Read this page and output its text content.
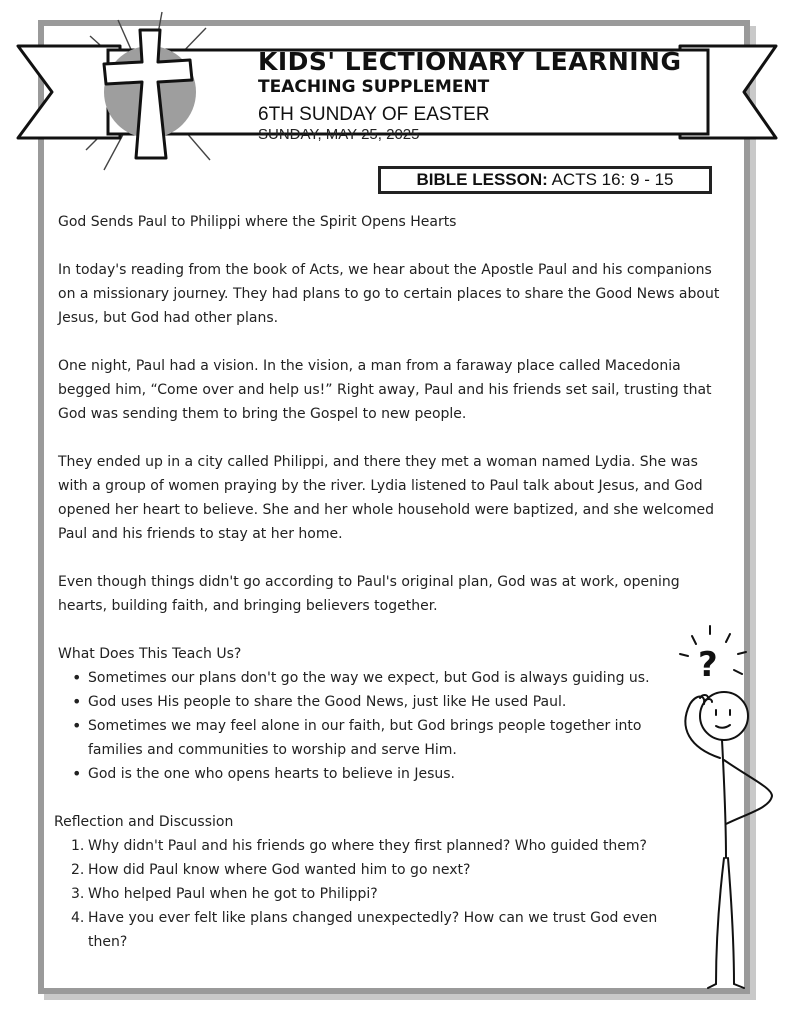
KIDS' LECTIONARY LEARNING
TEACHING SUPPLEMENT
6TH SUNDAY OF EASTER
SUNDAY, MAY 25, 2025
BIBLE LESSON: ACTS 16: 9 - 15
God Sends Paul to Philippi where the Spirit Opens Hearts

In today's reading from the book of Acts, we hear about the Apostle Paul and his companions on a missionary journey. They had plans to go to certain places to share the Good News about Jesus, but God had other plans.

One night, Paul had a vision. In the vision, a man from a faraway place called Macedonia begged him, “Come over and help us!” Right away, Paul and his friends set sail, trusting that God was sending them to bring the Gospel to new people.

They ended up in a city called Philippi, and there they met a woman named Lydia. She was with a group of women praying by the river. Lydia listened to Paul talk about Jesus, and God opened her heart to believe. She and her whole household were baptized, and she welcomed Paul and his friends to stay at her home.

Even though things didn't go according to Paul's original plan, God was at work, opening hearts, building faith, and bringing believers together.

What Does This Teach Us?
• Sometimes our plans don't go the way we expect, but God is always guiding us.
• God uses His people to share the Good News, just like He used Paul.
• Sometimes we may feel alone in our faith, but God brings people together into families and communities to worship and serve Him.
• God is the one who opens hearts to believe in Jesus.
Reflection and Discussion
1. Why didn't Paul and his friends go where they first planned? Who guided them?
2. How did Paul know where God wanted him to go next?
3. Who helped Paul when he got to Philippi?
4. Have you ever felt like plans changed unexpectedly? How can we trust God even then?
?
